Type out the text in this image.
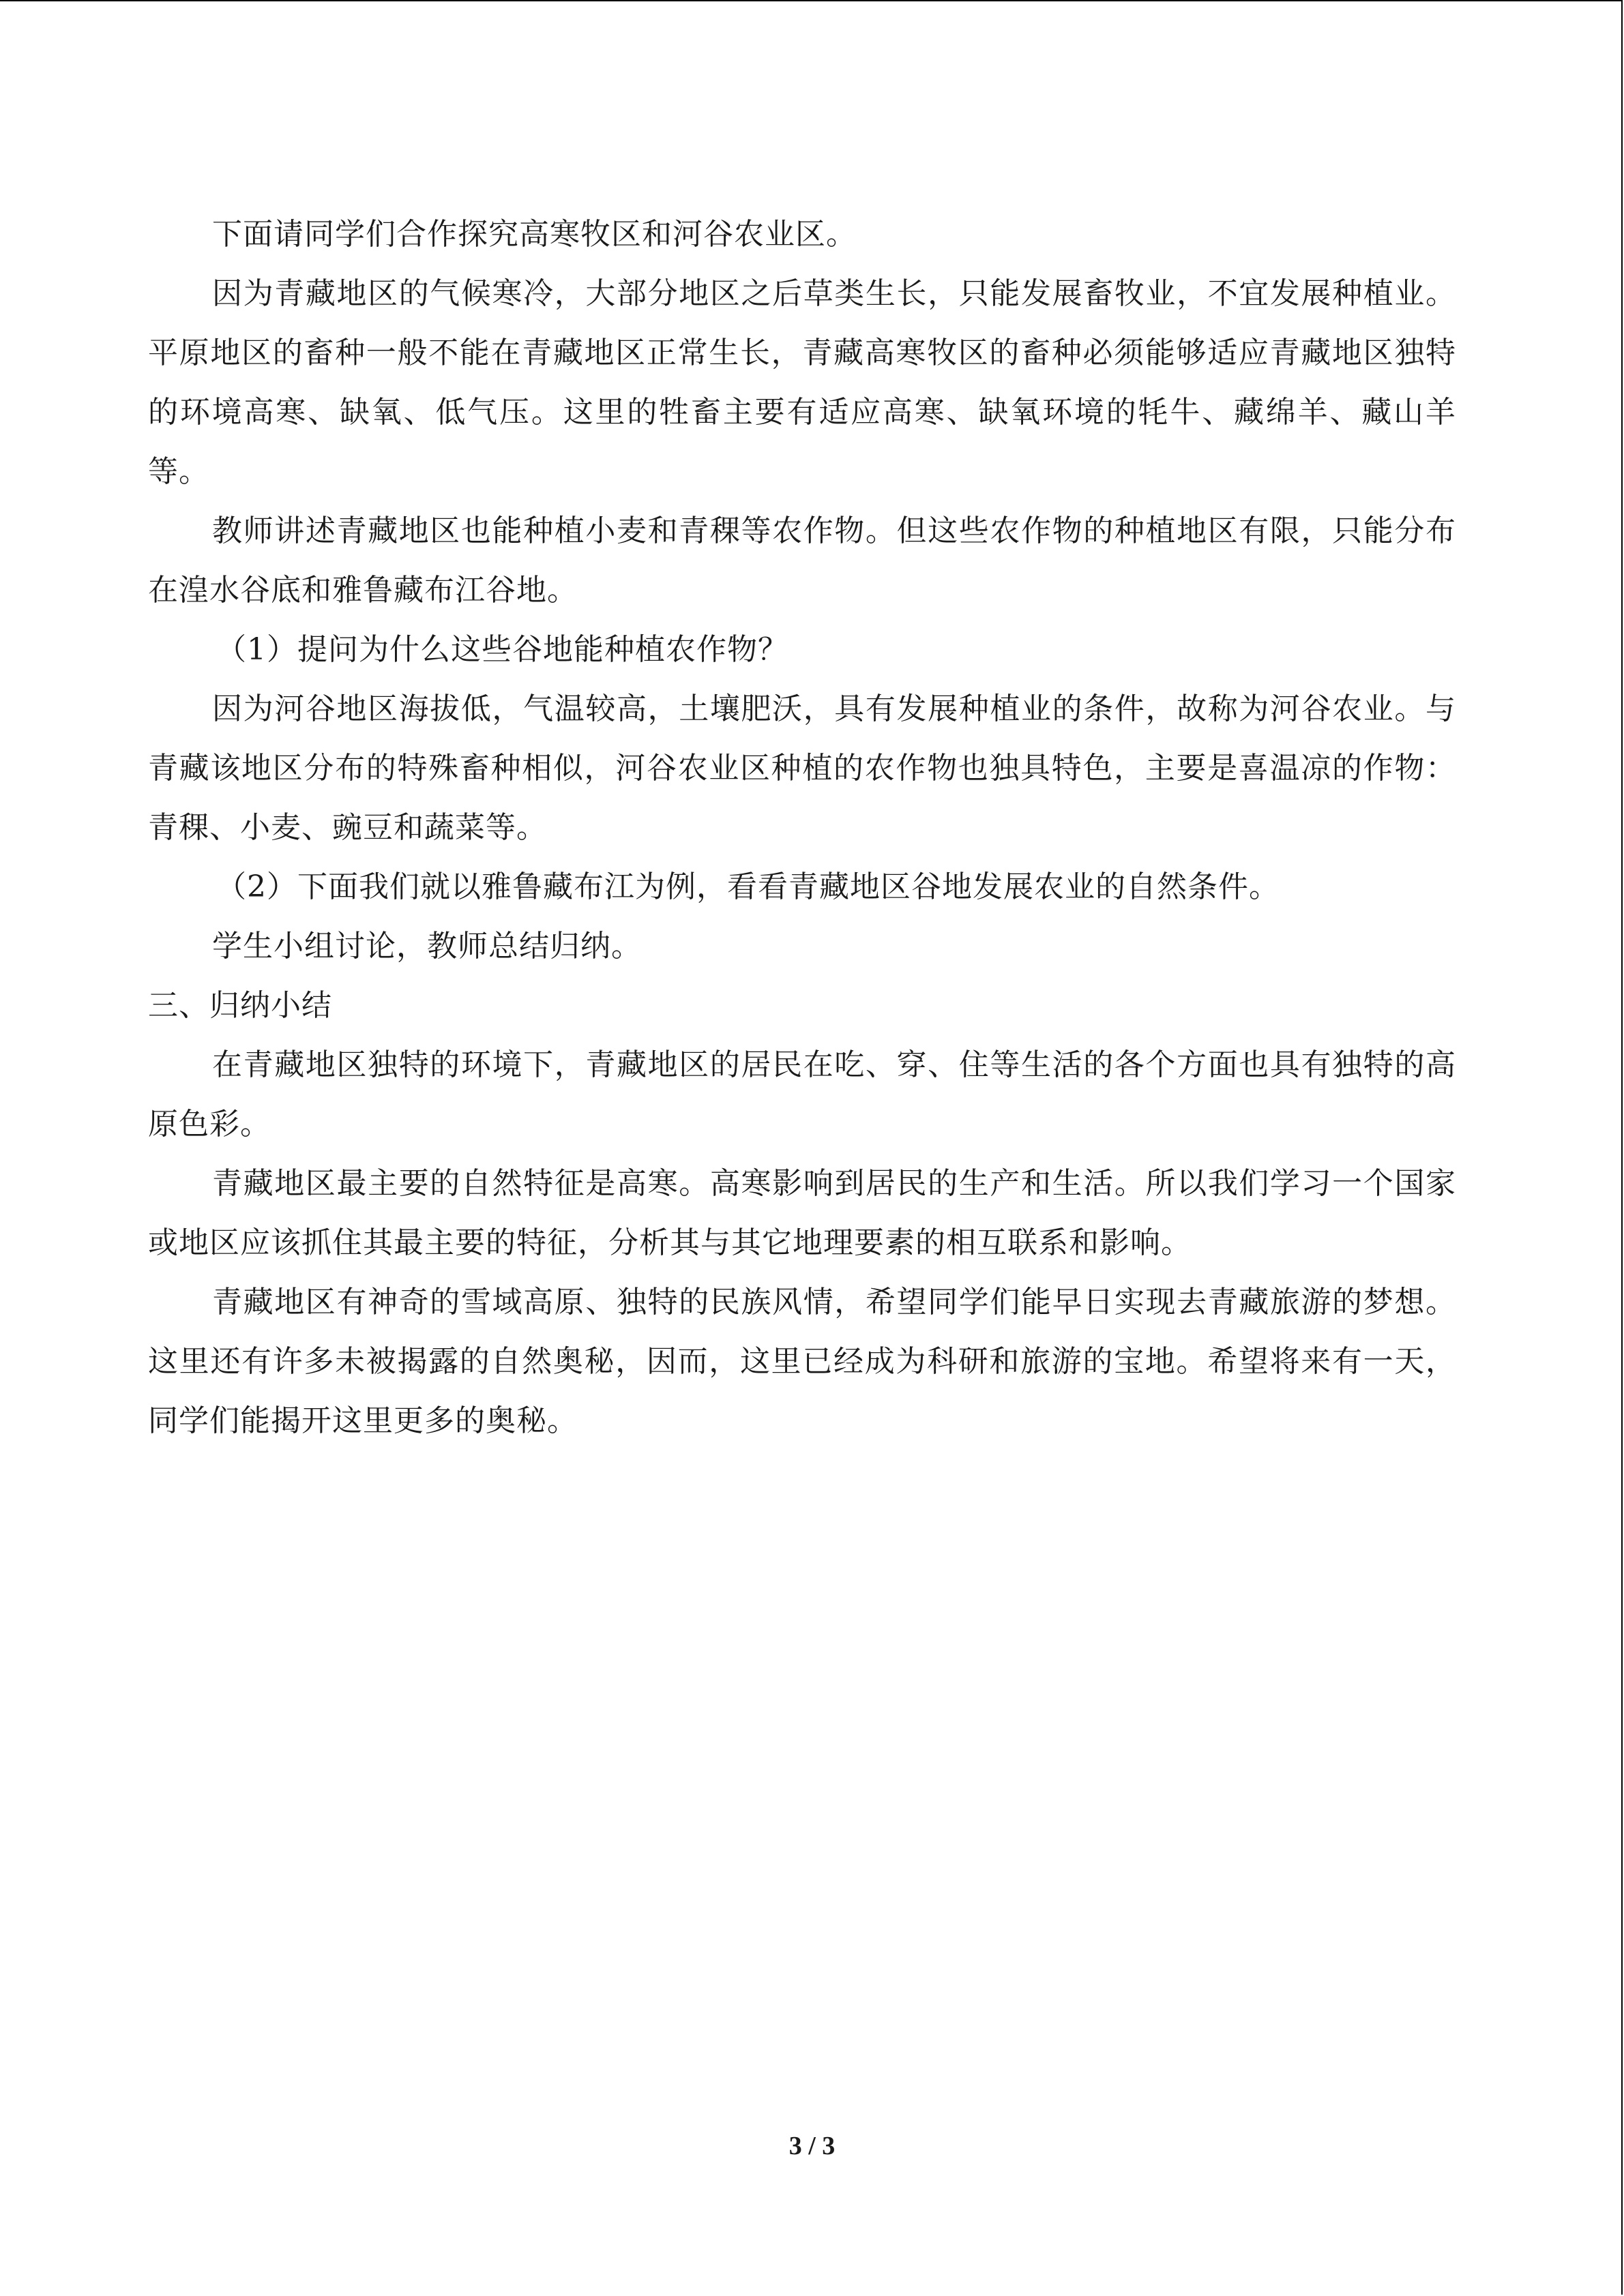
下面请同学们合作探究高寒牧区和河谷农业区。

因为青藏地区的气候寒冷，大部分地区之后草类生长，只能发展畜牧业，不宜发展种植业。平原地区的畜种一般不能在青藏地区正常生长，青藏高寒牧区的畜种必须能够适应青藏地区独特的环境高寒、缺氧、低气压。这里的牲畜主要有适应高寒、缺氧环境的牦牛、藏绵羊、藏山羊等。

教师讲述青藏地区也能种植小麦和青稞等农作物。但这些农作物的种植地区有限，只能分布在湟水谷底和雅鲁藏布江谷地。

（1）提问为什么这些谷地能种植农作物？

因为河谷地区海拔低，气温较高，土壤肥沃，具有发展种植业的条件，故称为河谷农业。与青藏该地区分布的特殊畜种相似，河谷农业区种植的农作物也独具特色，主要是喜温凉的作物：青稞、小麦、豌豆和蔬菜等。

（2）下面我们就以雅鲁藏布江为例，看看青藏地区谷地发展农业的自然条件。

学生小组讨论，教师总结归纳。

三、归纳小结

在青藏地区独特的环境下，青藏地区的居民在吃、穿、住等生活的各个方面也具有独特的高原色彩。

青藏地区最主要的自然特征是高寒。高寒影响到居民的生产和生活。所以我们学习一个国家或地区应该抓住其最主要的特征，分析其与其它地理要素的相互联系和影响。

青藏地区有神奇的雪域高原、独特的民族风情，希望同学们能早日实现去青藏旅游的梦想。这里还有许多未被揭露的自然奥秘，因而，这里已经成为科研和旅游的宝地。希望将来有一天，同学们能揭开这里更多的奥秘。

3 / 3
